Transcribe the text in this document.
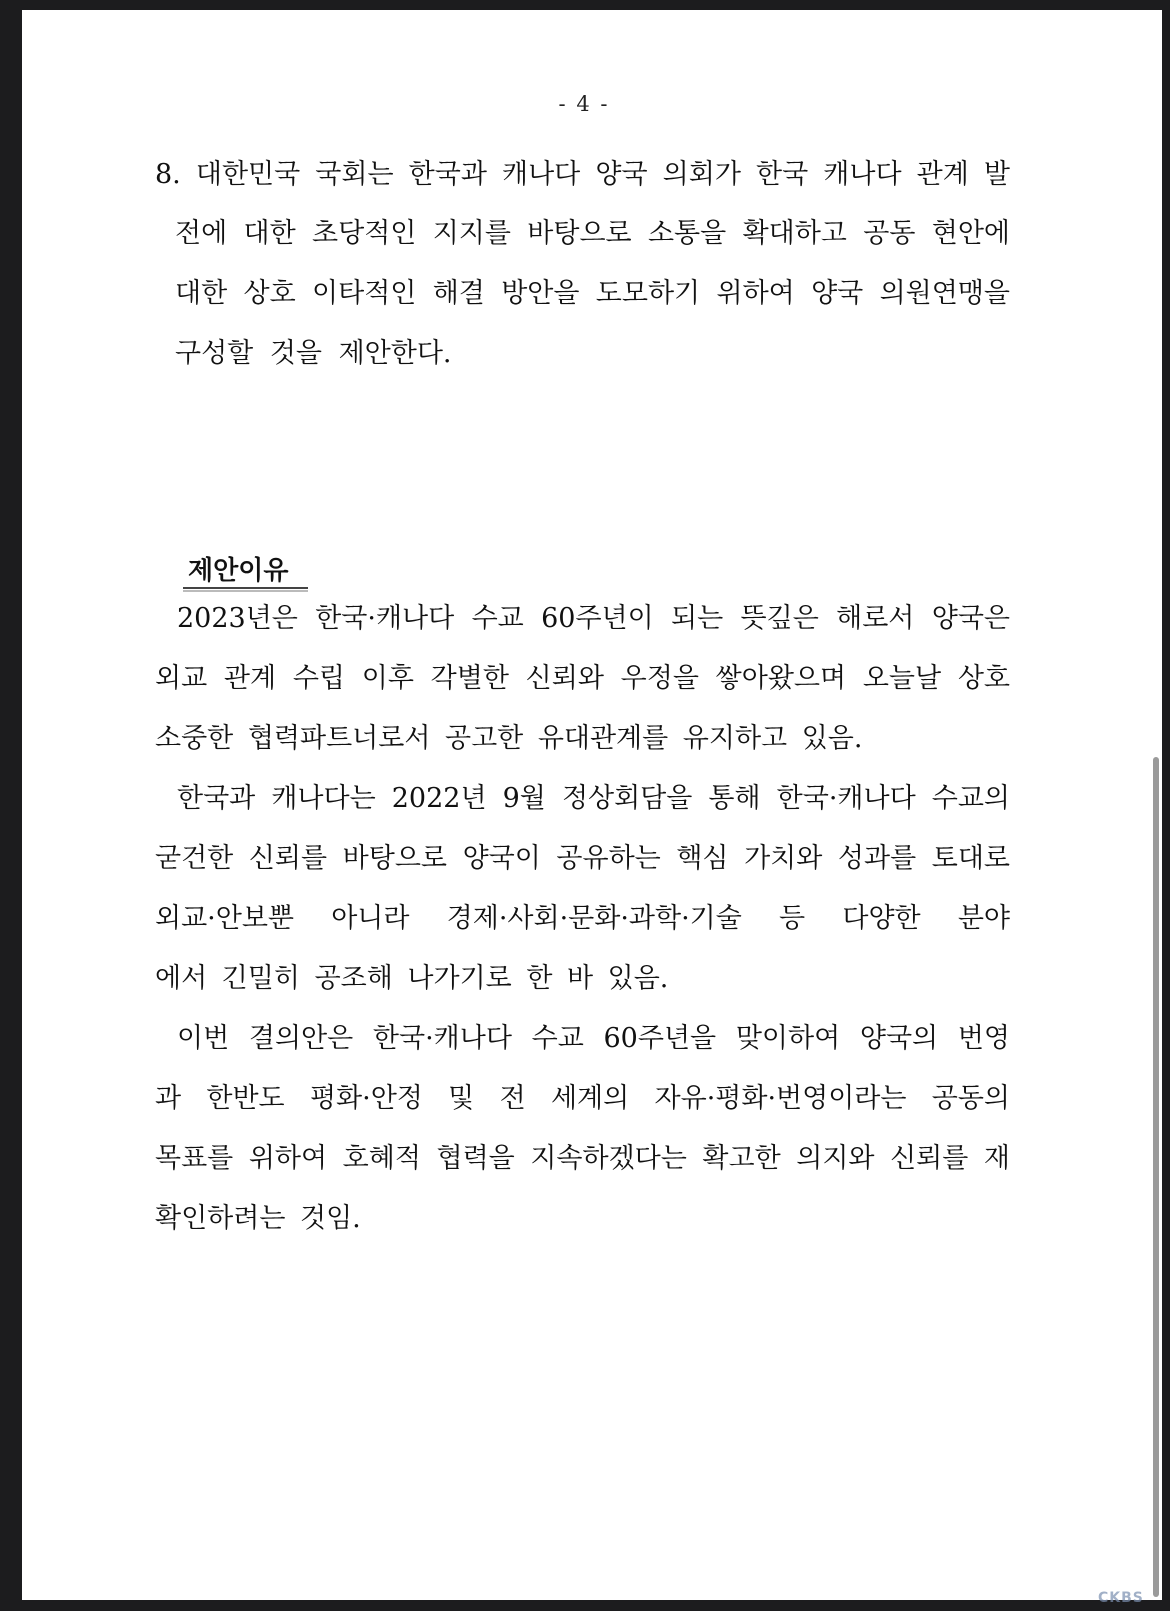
- 4 -
8. 대한민국 국회는 한국과 캐나다 양국 의회가 한국 캐나다 관계 발
전에 대한 초당적인 지지를 바탕으로 소통을 확대하고 공동 현안에
대한 상호 이타적인 해결 방안을 도모하기 위하여 양국 의원연맹을
구성할 것을 제안한다.
제안이유
2023년은 한국·캐나다 수교 60주년이 되는 뜻깊은 해로서 양국은
외교 관계 수립 이후 각별한 신뢰와 우정을 쌓아왔으며 오늘날 상호
소중한 협력파트너로서 공고한 유대관계를 유지하고 있음.
한국과 캐나다는 2022년 9월 정상회담을 통해 한국·캐나다 수교의
굳건한 신뢰를 바탕으로 양국이 공유하는 핵심 가치와 성과를 토대로
외교·안보뿐 아니라 경제·사회·문화·과학·기술 등 다양한 분야
에서 긴밀히 공조해 나가기로 한 바 있음.
이번 결의안은 한국·캐나다 수교 60주년을 맞이하여 양국의 번영
과 한반도 평화·안정 및 전 세계의 자유·평화·번영이라는 공동의
목표를 위하여 호혜적 협력을 지속하겠다는 확고한 의지와 신뢰를 재
확인하려는 것임.
CKBS
